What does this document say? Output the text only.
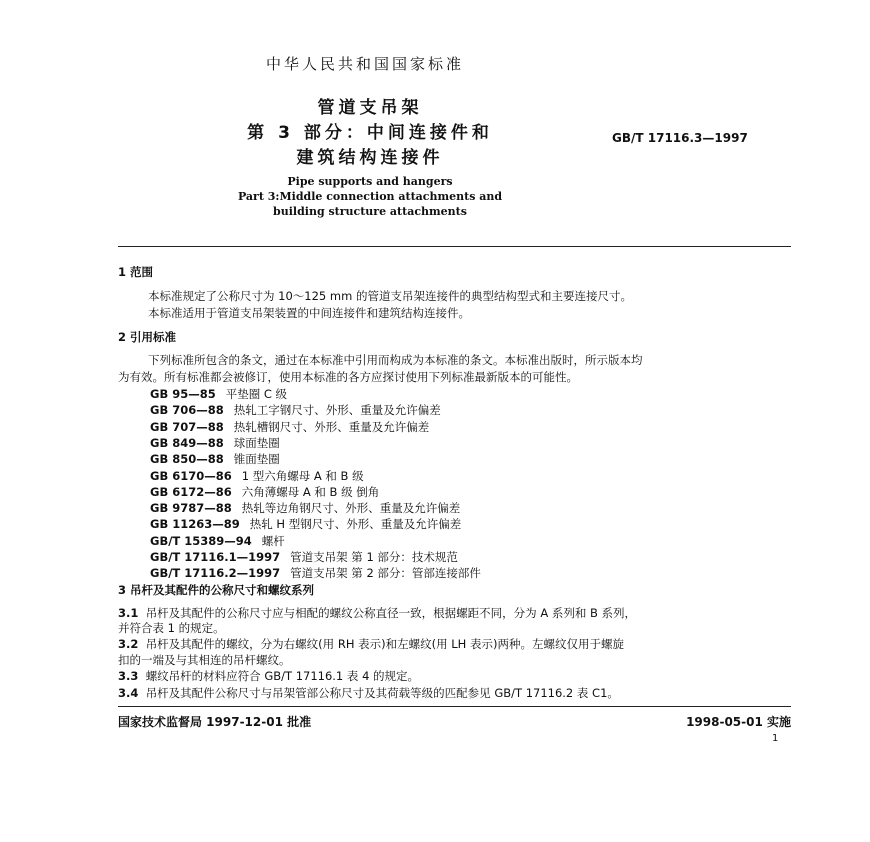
中华人民共和国国家标准
管道支吊架
第 3 部分：中间连接件和
建筑结构连接件
GB/T 17116.3—1997
Pipe supports and hangers
Part 3:Middle connection attachments and
building structure attachments
1 范围
本标准规定了公称尺寸为 10～125 mm 的管道支吊架连接件的典型结构型式和主要连接尺寸。
本标准适用于管道支吊架装置的中间连接件和建筑结构连接件。
2 引用标准
下列标准所包含的条文，通过在本标准中引用而构成为本标准的条文。本标准出版时，所示版本均
为有效。所有标准都会被修订，使用本标准的各方应探讨使用下列标准最新版本的可能性。
GB 95—85 平垫圈 C 级
GB 706—88 热轧工字钢尺寸、外形、重量及允许偏差
GB 707—88 热轧槽钢尺寸、外形、重量及允许偏差
GB 849—88 球面垫圈
GB 850—88 锥面垫圈
GB 6170—86 1 型六角螺母 A 和 B 级
GB 6172—86 六角薄螺母 A 和 B 级 倒角
GB 9787—88 热轧等边角钢尺寸、外形、重量及允许偏差
GB 11263—89 热轧 H 型钢尺寸、外形、重量及允许偏差
GB/T 15389—94 螺杆
GB/T 17116.1—1997 管道支吊架 第 1 部分：技术规范
GB/T 17116.2—1997 管道支吊架 第 2 部分：管部连接部件
3 吊杆及其配件的公称尺寸和螺纹系列
3.1 吊杆及其配件的公称尺寸应与相配的螺纹公称直径一致，根据螺距不同，分为 A 系列和 B 系列，
并符合表 1 的规定。
3.2 吊杆及其配件的螺纹，分为右螺纹(用 RH 表示)和左螺纹(用 LH 表示)两种。左螺纹仅用于螺旋
扣的一端及与其相连的吊杆螺纹。
3.3 螺纹吊杆的材料应符合 GB/T 17116.1 表 4 的规定。
3.4 吊杆及其配件公称尺寸与吊架管部公称尺寸及其荷载等级的匹配参见 GB/T 17116.2 表 C1。
国家技术监督局 1997-12-01 批准	1998-05-01 实施
1
